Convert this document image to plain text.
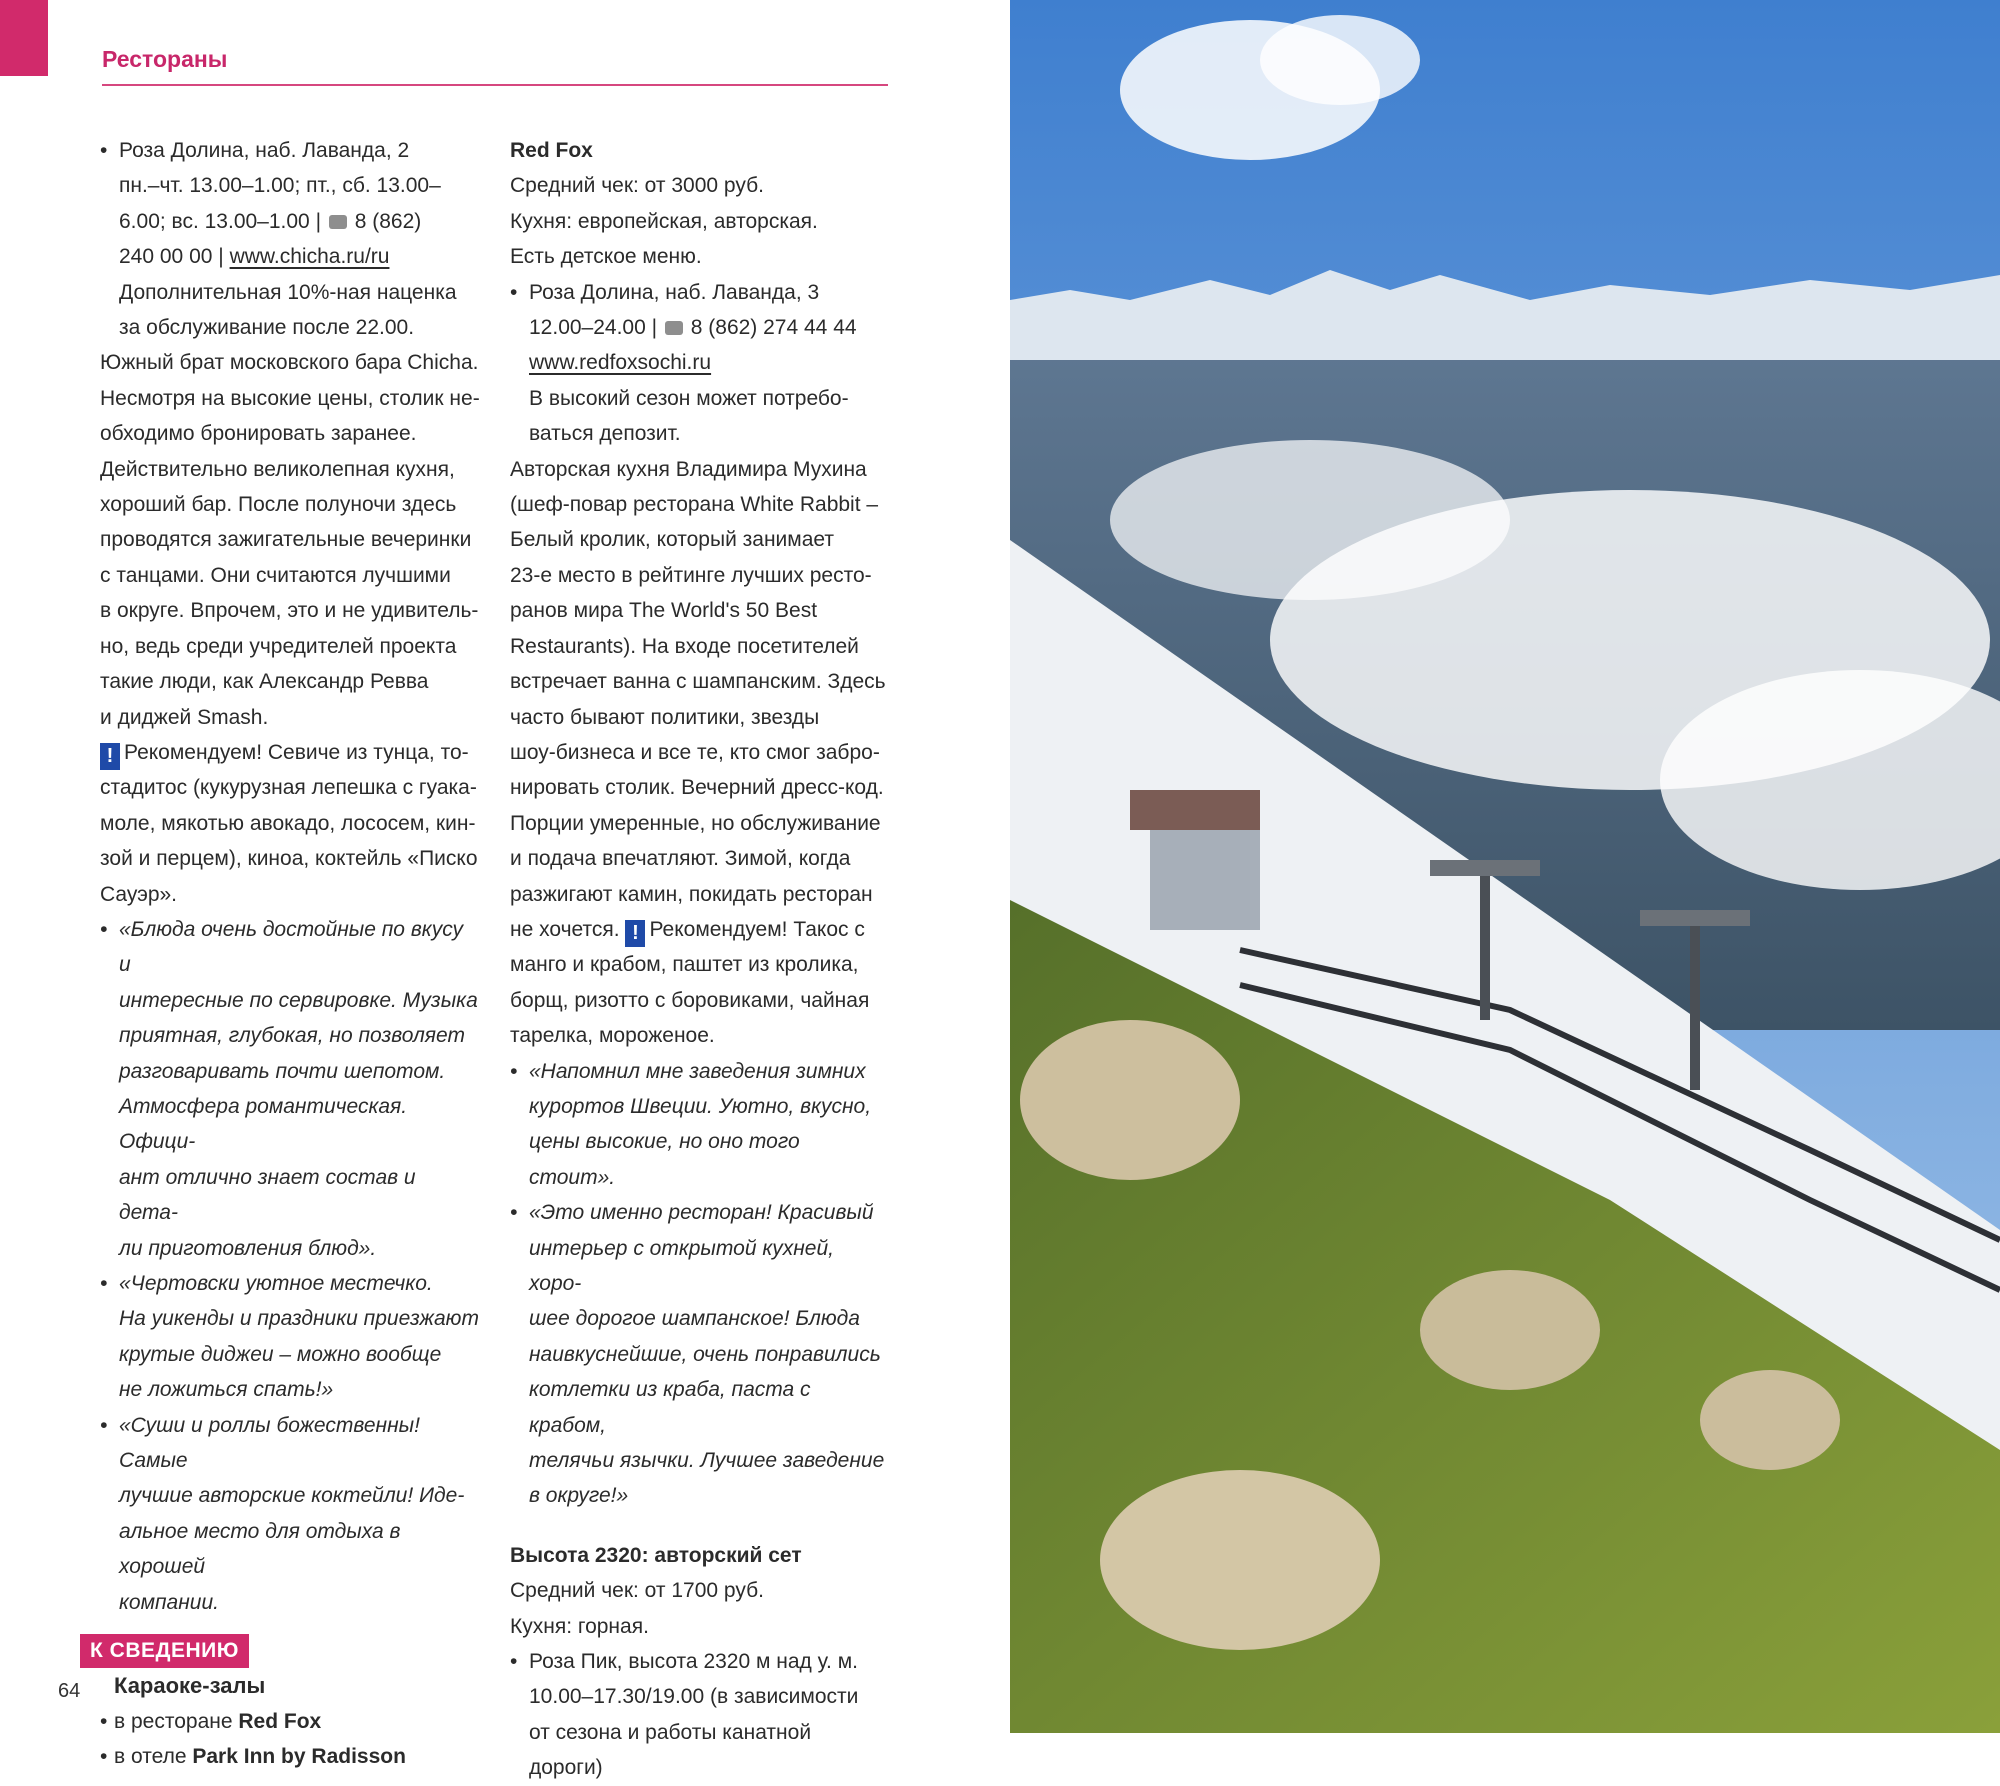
Рестораны

• Роза Долина, наб. Лаванда, 2

пн.–чт. 13.00–1.00; пт., сб. 13.00–

6.00; вс. 13.00–1.00 |  8 (862)

240 00 00 | www.chicha.ru/ru

Дополнительная 10%-ная наценка

за обслуживание после 22.00.

Южный брат московского бара Chicha.

Несмотря на высокие цены, столик не-

обходимо бронировать заранее.

Действительно великолепная кухня,

хороший бар. После полуночи здесь

проводятся зажигательные вечеринки

с танцами. Они считаются лучшими

в округе. Впрочем, это и не удивитель-

но, ведь среди учредителей проекта

такие люди, как Александр Ревва

и диджей Smash.

! Рекомендуем! Севиче из тунца, то-

стадитос (кукурузная лепешка с гуака-

моле, мякотью авокадо, лососем, кин-

зой и перцем), киноа, коктейль «Писко

Сауэр».

• «Блюда очень достойные по вкусу и

интересные по сервировке. Музыка

приятная, глубокая, но позволяет

разговаривать почти шепотом.

Атмосфера романтическая. Офици-

ант отлично знает состав и дета-

ли приготовления блюд».

• «Чертовски уютное местечко.

На уикенды и праздники приезжают

крутые диджеи – можно вообще

не ложиться спать!»

• «Суши и роллы божественны! Самые

лучшие авторские коктейли! Иде-

альное место для отдыха в хорошей

компании.

К СВЕДЕНИЮ

Караоке-залы

• в ресторане Red Fox

• в отеле Park Inn by Radisson

Red Fox

Средний чек: от 3000 руб.

Кухня: европейская, авторская.

Есть детское меню.

• Роза Долина, наб. Лаванда, 3

12.00–24.00 |  8 (862) 274 44 44

www.redfoxsochi.ru

В высокий сезон может потребо-

ваться депозит.

Авторская кухня Владимира Мухина

(шеф-повар ресторана White Rabbit –

Белый кролик, который занимает

23-е место в рейтинге лучших ресто-

ранов мира The World's 50 Best

Restaurants). На входе посетителей

встречает ванна с шампанским. Здесь

часто бывают политики, звезды

шоу-бизнеса и все те, кто смог забро-

нировать столик. Вечерний дресс-код.

Порции умеренные, но обслуживание

и подача впечатляют. Зимой, когда

разжигают камин, покидать ресторан

не хочется. ! Рекомендуем! Такос с

манго и крабом, паштет из кролика,

борщ, ризотто с боровиками, чайная

тарелка, мороженое.

• «Напомнил мне заведения зимних

курортов Швеции. Уютно, вкусно,

цены высокие, но оно того стоит».

• «Это именно ресторан! Красивый

интерьер с открытой кухней, хоро-

шее дорогое шампанское! Блюда

наивкуснейшие, очень понравились

котлетки из краба, паста с крабом,

телячьи язычки. Лучшее заведение

в округе!»

Высота 2320: авторский сет

Средний чек: от 1700 руб.

Кухня: горная.

• Роза Пик, высота 2320 м над у. м.

10.00–17.30/19.00 (в зависимости

от сезона и работы канатной дороги)

64
